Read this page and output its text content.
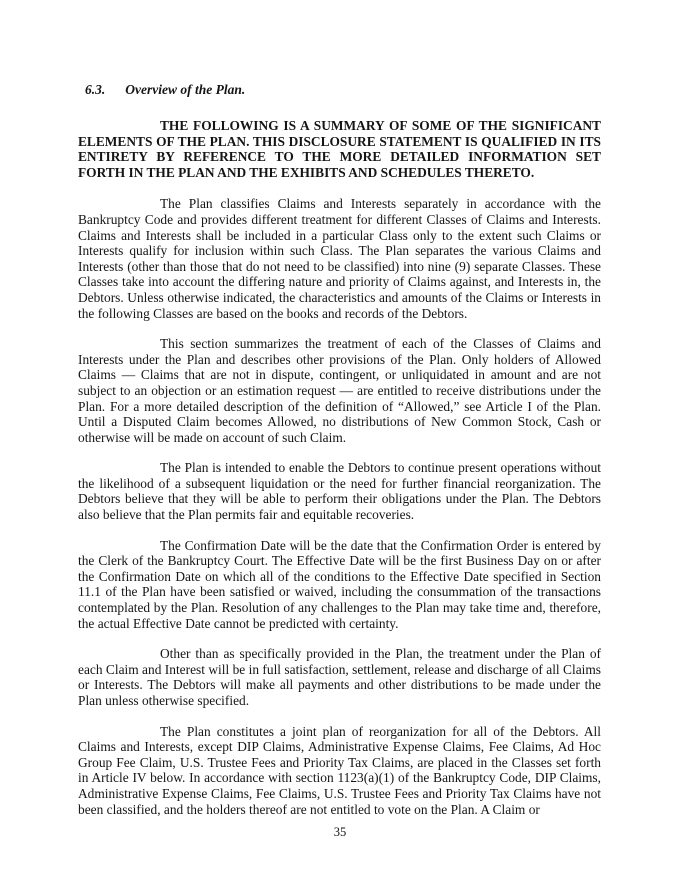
6.3. Overview of the Plan.

THE FOLLOWING IS A SUMMARY OF SOME OF THE SIGNIFICANT ELEMENTS OF THE PLAN. THIS DISCLOSURE STATEMENT IS QUALIFIED IN ITS ENTIRETY BY REFERENCE TO THE MORE DETAILED INFORMATION SET FORTH IN THE PLAN AND THE EXHIBITS AND SCHEDULES THERETO.

The Plan classifies Claims and Interests separately in accordance with the Bankruptcy Code and provides different treatment for different Classes of Claims and Interests. Claims and Interests shall be included in a particular Class only to the extent such Claims or Interests qualify for inclusion within such Class. The Plan separates the various Claims and Interests (other than those that do not need to be classified) into nine (9) separate Classes. These Classes take into account the differing nature and priority of Claims against, and Interests in, the Debtors. Unless otherwise indicated, the characteristics and amounts of the Claims or Interests in the following Classes are based on the books and records of the Debtors.

This section summarizes the treatment of each of the Classes of Claims and Interests under the Plan and describes other provisions of the Plan. Only holders of Allowed Claims — Claims that are not in dispute, contingent, or unliquidated in amount and are not subject to an objection or an estimation request — are entitled to receive distributions under the Plan. For a more detailed description of the definition of “Allowed,” see Article I of the Plan. Until a Disputed Claim becomes Allowed, no distributions of New Common Stock, Cash or otherwise will be made on account of such Claim.

The Plan is intended to enable the Debtors to continue present operations without the likelihood of a subsequent liquidation or the need for further financial reorganization. The Debtors believe that they will be able to perform their obligations under the Plan. The Debtors also believe that the Plan permits fair and equitable recoveries.

The Confirmation Date will be the date that the Confirmation Order is entered by the Clerk of the Bankruptcy Court. The Effective Date will be the first Business Day on or after the Confirmation Date on which all of the conditions to the Effective Date specified in Section 11.1 of the Plan have been satisfied or waived, including the consummation of the transactions contemplated by the Plan. Resolution of any challenges to the Plan may take time and, therefore, the actual Effective Date cannot be predicted with certainty.

Other than as specifically provided in the Plan, the treatment under the Plan of each Claim and Interest will be in full satisfaction, settlement, release and discharge of all Claims or Interests. The Debtors will make all payments and other distributions to be made under the Plan unless otherwise specified.

The Plan constitutes a joint plan of reorganization for all of the Debtors. All Claims and Interests, except DIP Claims, Administrative Expense Claims, Fee Claims, Ad Hoc Group Fee Claim, U.S. Trustee Fees and Priority Tax Claims, are placed in the Classes set forth in Article IV below. In accordance with section 1123(a)(1) of the Bankruptcy Code, DIP Claims, Administrative Expense Claims, Fee Claims, U.S. Trustee Fees and Priority Tax Claims have not been classified, and the holders thereof are not entitled to vote on the Plan. A Claim or

35
